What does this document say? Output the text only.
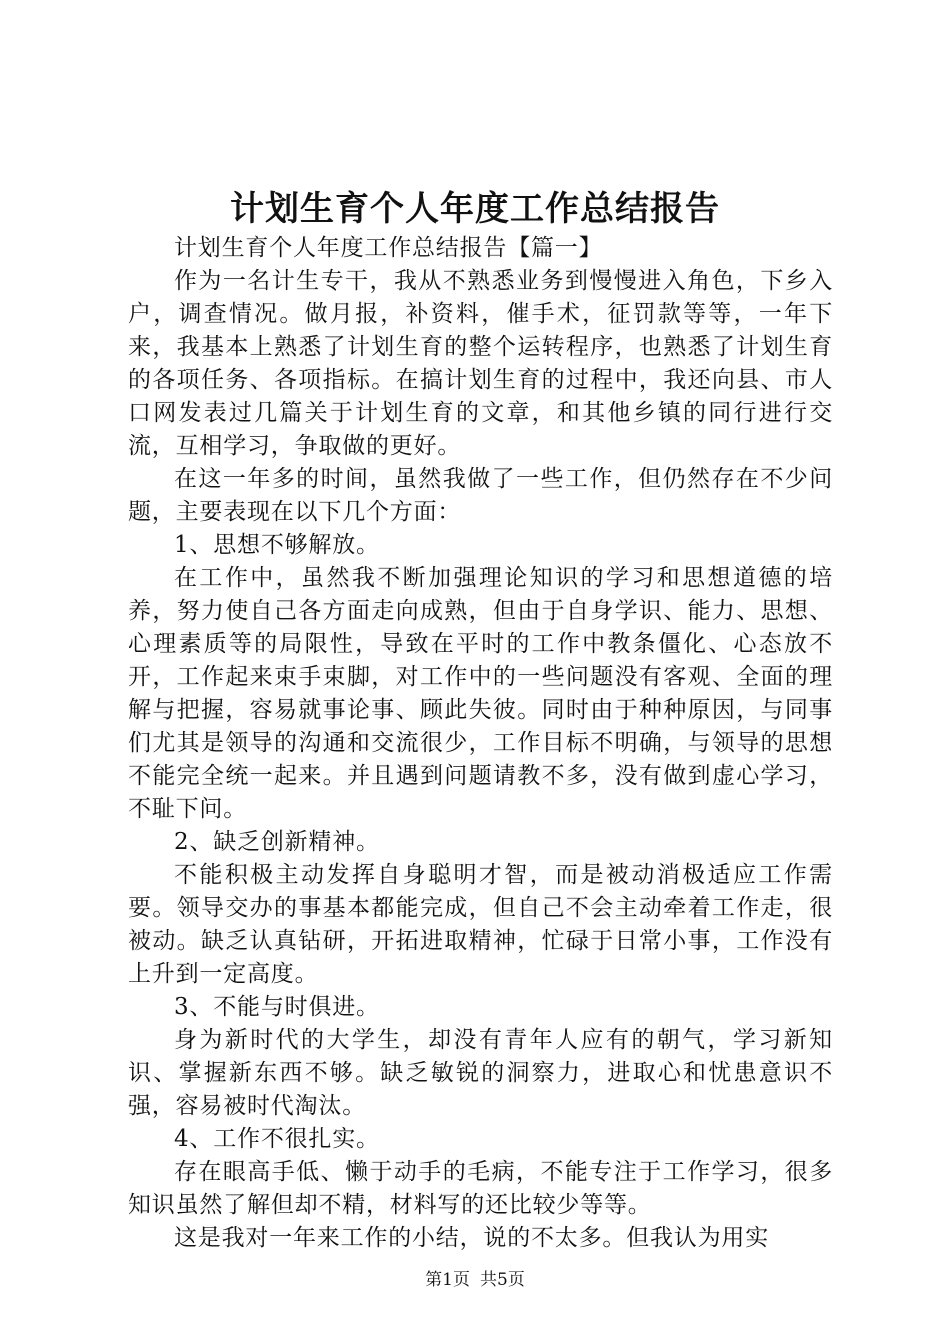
计划生育个人年度工作总结报告

计划生育个人年度工作总结报告【篇一】

作为一名计生专干，我从不熟悉业务到慢慢进入角色，下乡入户，调查情况。做月报，补资料，催手术，征罚款等等，一年下来，我基本上熟悉了计划生育的整个运转程序，也熟悉了计划生育的各项任务、各项指标。在搞计划生育的过程中，我还向县、市人口网发表过几篇关于计划生育的文章，和其他乡镇的同行进行交流，互相学习，争取做的更好。

在这一年多的时间，虽然我做了一些工作，但仍然存在不少问题，主要表现在以下几个方面：

1、思想不够解放。

在工作中，虽然我不断加强理论知识的学习和思想道德的培养，努力使自己各方面走向成熟，但由于自身学识、能力、思想、心理素质等的局限性，导致在平时的工作中教条僵化、心态放不开，工作起来束手束脚，对工作中的一些问题没有客观、全面的理解与把握，容易就事论事、顾此失彼。同时由于种种原因，与同事们尤其是领导的沟通和交流很少，工作目标不明确，与领导的思想不能完全统一起来。并且遇到问题请教不多，没有做到虚心学习，不耻下问。

2、缺乏创新精神。

不能积极主动发挥自身聪明才智，而是被动消极适应工作需要。领导交办的事基本都能完成，但自己不会主动牵着工作走，很被动。缺乏认真钻研，开拓进取精神，忙碌于日常小事，工作没有上升到一定高度。

3、不能与时俱进。

身为新时代的大学生，却没有青年人应有的朝气，学习新知识、掌握新东西不够。缺乏敏锐的洞察力，进取心和忧患意识不强，容易被时代淘汰。

4、工作不很扎实。

存在眼高手低、懒于动手的毛病，不能专注于工作学习，很多知识虽然了解但却不精，材料写的还比较少等等。

这是我对一年来工作的小结，说的不太多。但我认为用实

第1页 共5页
